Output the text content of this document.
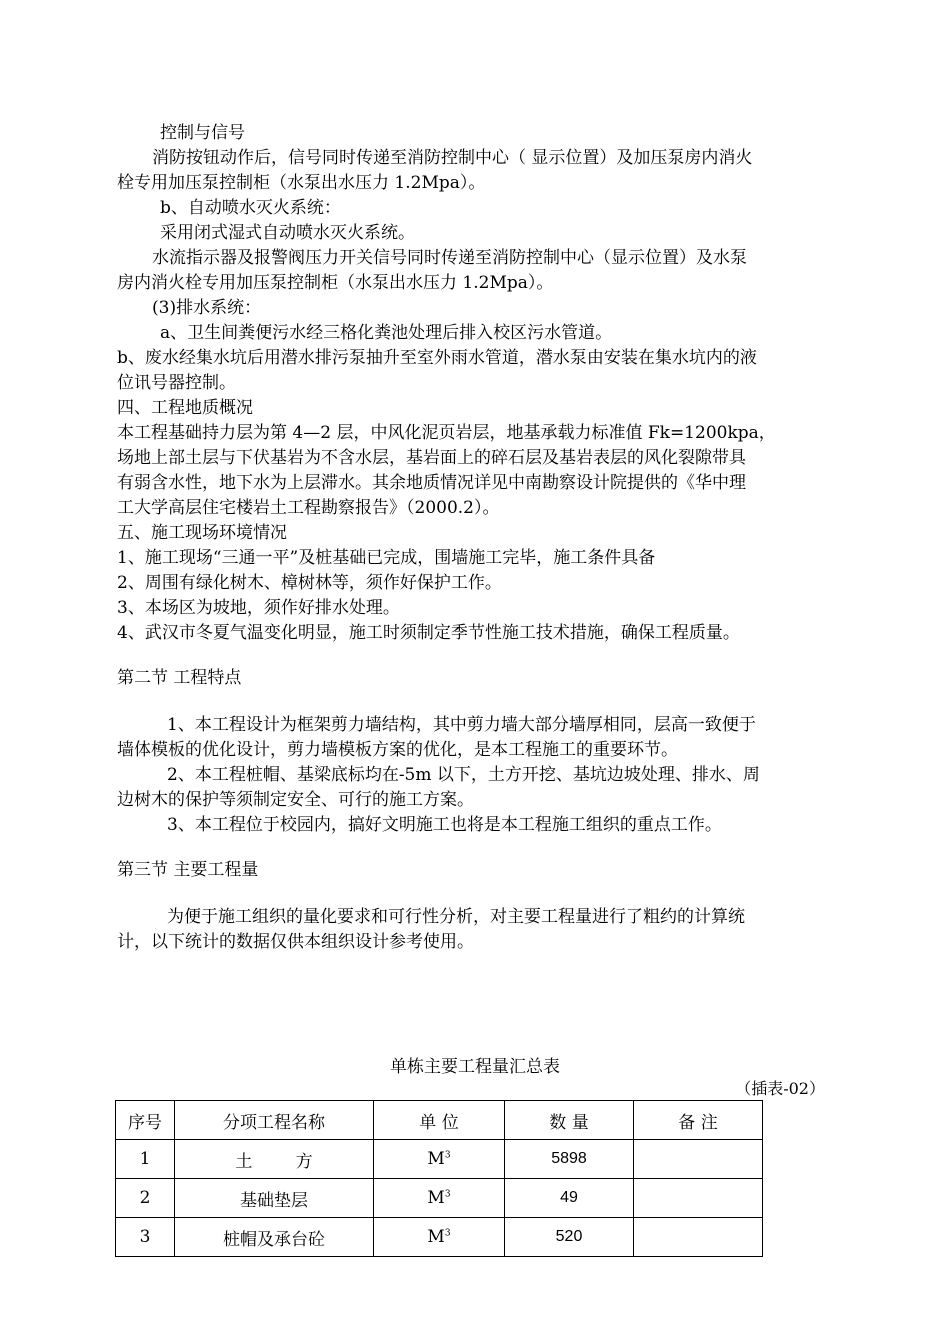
控制与信号
消防按钮动作后，信号同时传递至消防控制中心（ 显示位置）及加压泵房内消火
栓专用加压泵控制柜（水泵出水压力 1.2Mpa）。
b、自动喷水灭火系统：
采用闭式湿式自动喷水灭火系统。
水流指示器及报警阀压力开关信号同时传递至消防控制中心（显示位置）及水泵
房内消火栓专用加压泵控制柜（水泵出水压力 1.2Mpa）。
(3)排水系统：
a、卫生间粪便污水经三格化粪池处理后排入校区污水管道。
b、废水经集水坑后用潜水排污泵抽升至室外雨水管道，潜水泵由安装在集水坑内的液
位讯号器控制。
四、工程地质概况
本工程基础持力层为第 4—2 层，中风化泥页岩层，地基承载力标准值 Fk=1200kpa，
场地上部土层与下伏基岩为不含水层，基岩面上的碎石层及基岩表层的风化裂隙带具
有弱含水性，地下水为上层滞水。其余地质情况详见中南勘察设计院提供的《华中理
工大学高层住宅楼岩土工程勘察报告》（2000.2）。
五、施工现场环境情况
1、施工现场“三通一平”及桩基础已完成，围墙施工完毕，施工条件具备
2、周围有绿化树木、樟树林等，须作好保护工作。
3、本场区为坡地，须作好排水处理。
4、武汉市冬夏气温变化明显，施工时须制定季节性施工技术措施，确保工程质量。
第二节 工程特点
1、本工程设计为框架剪力墙结构，其中剪力墙大部分墙厚相同，层高一致便于
墙体模板的优化设计，剪力墙模板方案的优化，是本工程施工的重要环节。
2、本工程桩帽、基梁底标均在-5m 以下，土方开挖、基坑边坡处理、排水、周
边树木的保护等须制定安全、可行的施工方案。
3、本工程位于校园内，搞好文明施工也将是本工程施工组织的重点工作。
第三节 主要工程量
为便于施工组织的量化要求和可行性分析，对主要工程量进行了粗约的计算统
计，以下统计的数据仅供本组织设计参考使用。
单栋主要工程量汇总表
（插表-02）
序号	分项工程名称	单 位	数 量	备 注
1	土        方	$M^3$	5898	
2	基础垫层	$M^3$	49	
3	桩帽及承台砼	$M^3$	520	
